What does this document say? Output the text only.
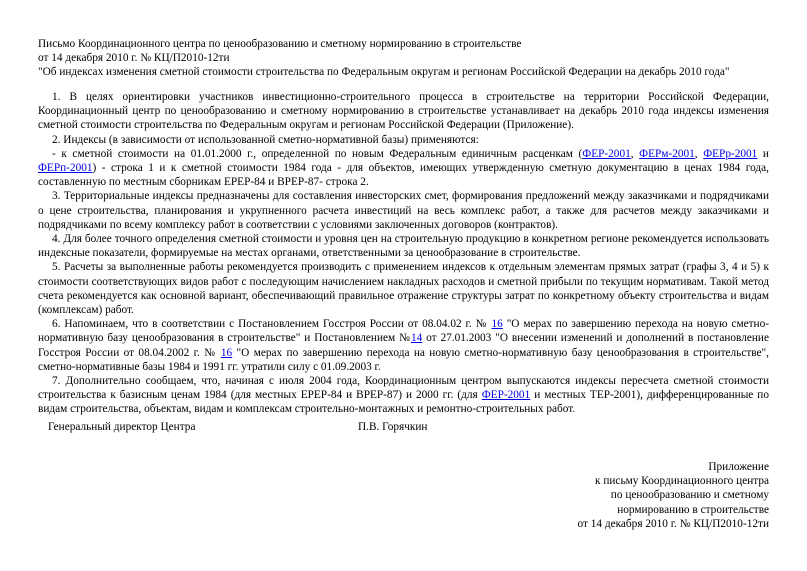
Письмо Координационного центра по ценообразованию и сметному нормированию в строительстве
от 14 декабря 2010 г. № КЦ/П2010-12ти
"Об индексах изменения сметной стоимости строительства по Федеральным округам и регионам Российской Федерации на декабрь 2010 года"

1. В целях ориентировки участников инвестиционно-строительного процесса в строительстве на территории Российской Федерации, Координационный центр по ценообразованию и сметному нормированию в строительстве устанавливает на декабрь 2010 года индексы изменения сметной стоимости строительства по Федеральным округам и регионам Российской Федерации (Приложение).

2. Индексы (в зависимости от использованной сметно-нормативной базы) применяются:

- к сметной стоимости на 01.01.2000 г., определенной по новым Федеральным единичным расценкам (ФЕР-2001, ФЕРм-2001, ФЕРр-2001 и ФЕРп-2001) - строка 1 и к сметной стоимости 1984 года - для объектов, имеющих утвержденную сметную документацию в ценах 1984 года, составленную по местным сборникам ЕРЕР-84 и ВРЕР-87- строка 2.

3. Территориальные индексы предназначены для составления инвесторских смет, формирования предложений между заказчиками и подрядчиками о цене строительства, планирования и укрупненного расчета инвестиций на весь комплекс работ, а также для расчетов между заказчиками и подрядчиками по всему комплексу работ в соответствии с условиями заключенных договоров (контрактов).

4. Для более точного определения сметной стоимости и уровня цен на строительную продукцию в конкретном регионе рекомендуется использовать индексные показатели, формируемые на местах органами, ответственными за ценообразование в строительстве.

5. Расчеты за выполненные работы рекомендуется производить с применением индексов к отдельным элементам прямых затрат (графы 3, 4 и 5) к стоимости соответствующих видов работ с последующим начислением накладных расходов и сметной прибыли по текущим нормативам. Такой метод счета рекомендуется как основной вариант, обеспечивающий правильное отражение структуры затрат по конкретному объекту строительства и видам (комплексам) работ.

6. Напоминаем, что в соответствии с Постановлением Госстроя России от 08.04.02 г. № 16 "О мерах по завершению перехода на новую сметно-нормативную базу ценообразования в строительстве" и Постановлением №14 от 27.01.2003 "О внесении изменений и дополнений в постановление Госстроя России от 08.04.2002 г. № 16 "О мерах по завершению перехода на новую сметно-нормативную базу ценообразования в строительстве", сметно-нормативные базы 1984 и 1991 гг. утратили силу с 01.09.2003 г.

7. Дополнительно сообщаем, что, начиная с июля 2004 года, Координационным центром выпускаются индексы пересчета сметной стоимости строительства к базисным ценам 1984 (для местных ЕРЕР-84 и ВРЕР-87) и 2000 гг. (для ФЕР-2001 и местных ТЕР-2001), дифференцированные по видам строительства, объектам, видам и комплексам строительно-монтажных и ремонтно-строительных работ.

Генеральный директор Центра	П.В. Горячкин
Приложение
к письму Координационного центра
по ценообразованию и сметному
нормированию в строительстве
от 14 декабря 2010 г. № КЦ/П2010-12ти
